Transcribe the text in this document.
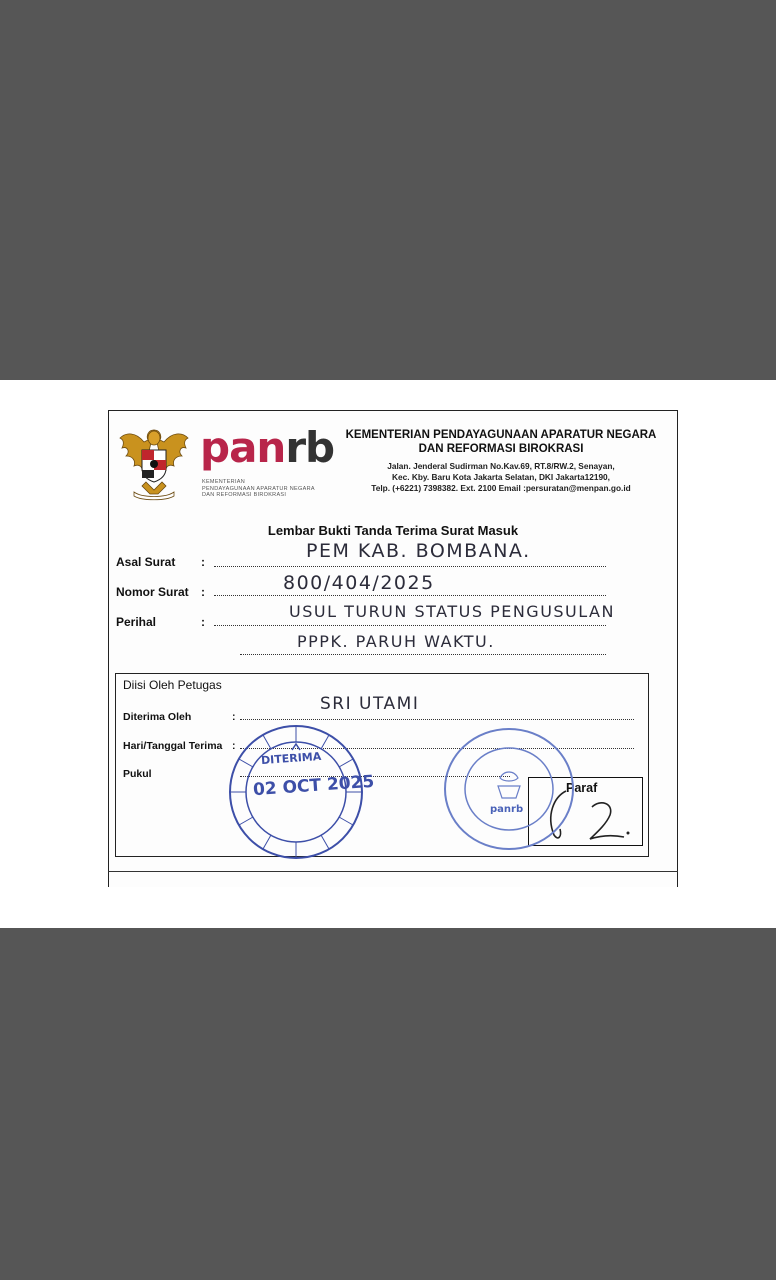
panrb
KEMENTERIAN
PENDAYAGUNAAN APARATUR NEGARA
DAN REFORMASI BIROKRASI
KEMENTERIAN PENDAYAGUNAAN APARATUR NEGARA
DAN REFORMASI BIROKRASI
Jalan. Jenderal Sudirman No.Kav.69, RT.8/RW.2, Senayan,
Kec. Kby. Baru Kota Jakarta Selatan, DKI Jakarta12190,
Telp. (+6221) 7398382. Ext. 2100 Email :persuratan@menpan.go.id
Lembar Bukti Tanda Terima Surat Masuk
Asal Surat :	PEM KAB. BOMBANA.
Nomor Surat :	800/404/2025
Perihal	:
USUL TURUN STATUS PENGUSULAN
PPPK. PARUH WAKTU.
Diisi Oleh Petugas
Diterima Oleh	:
SRI UTAMI
Hari/Tanggal Terima :
Pukul
Paraf
DITERIMA
02 OCT 2025
panrb
